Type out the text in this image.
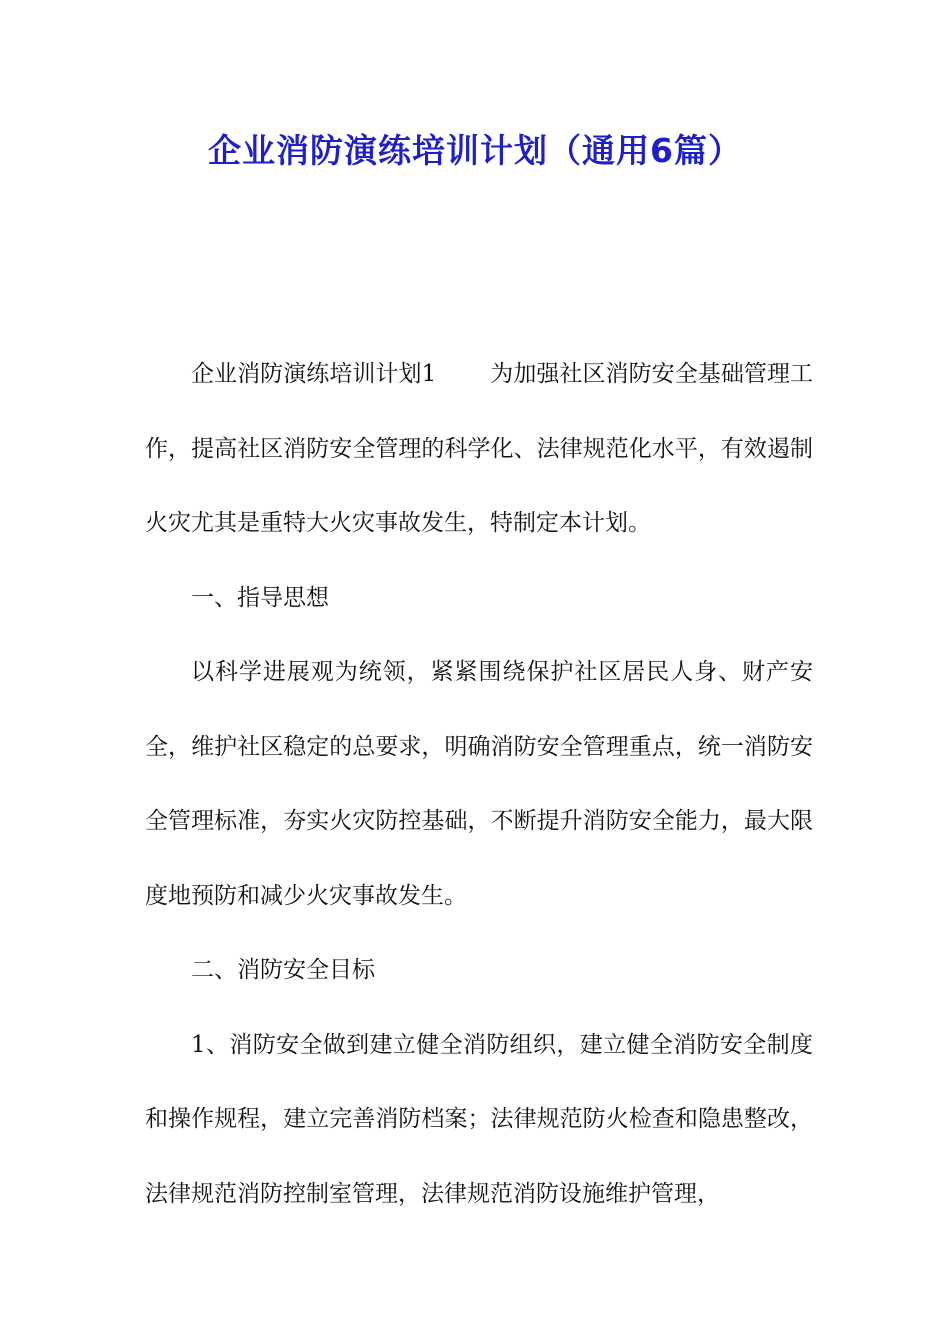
企业消防演练培训计划（通用6篇）

企业消防演练培训计划1 为加强社区消防安全基础管理工作，提高社区消防安全管理的科学化、法律规范化水平，有效遏制火灾尤其是重特大火灾事故发生，特制定本计划。

一、指导思想

以科学进展观为统领，紧紧围绕保护社区居民人身、财产安全，维护社区稳定的总要求，明确消防安全管理重点，统一消防安全管理标准，夯实火灾防控基础，不断提升消防安全能力，最大限度地预防和减少火灾事故发生。

二、消防安全目标

1、消防安全做到建立健全消防组织，建立健全消防安全制度和操作规程，建立完善消防档案；法律规范防火检查和隐患整改，法律规范消防控制室管理，法律规范消防设施维护管理，
